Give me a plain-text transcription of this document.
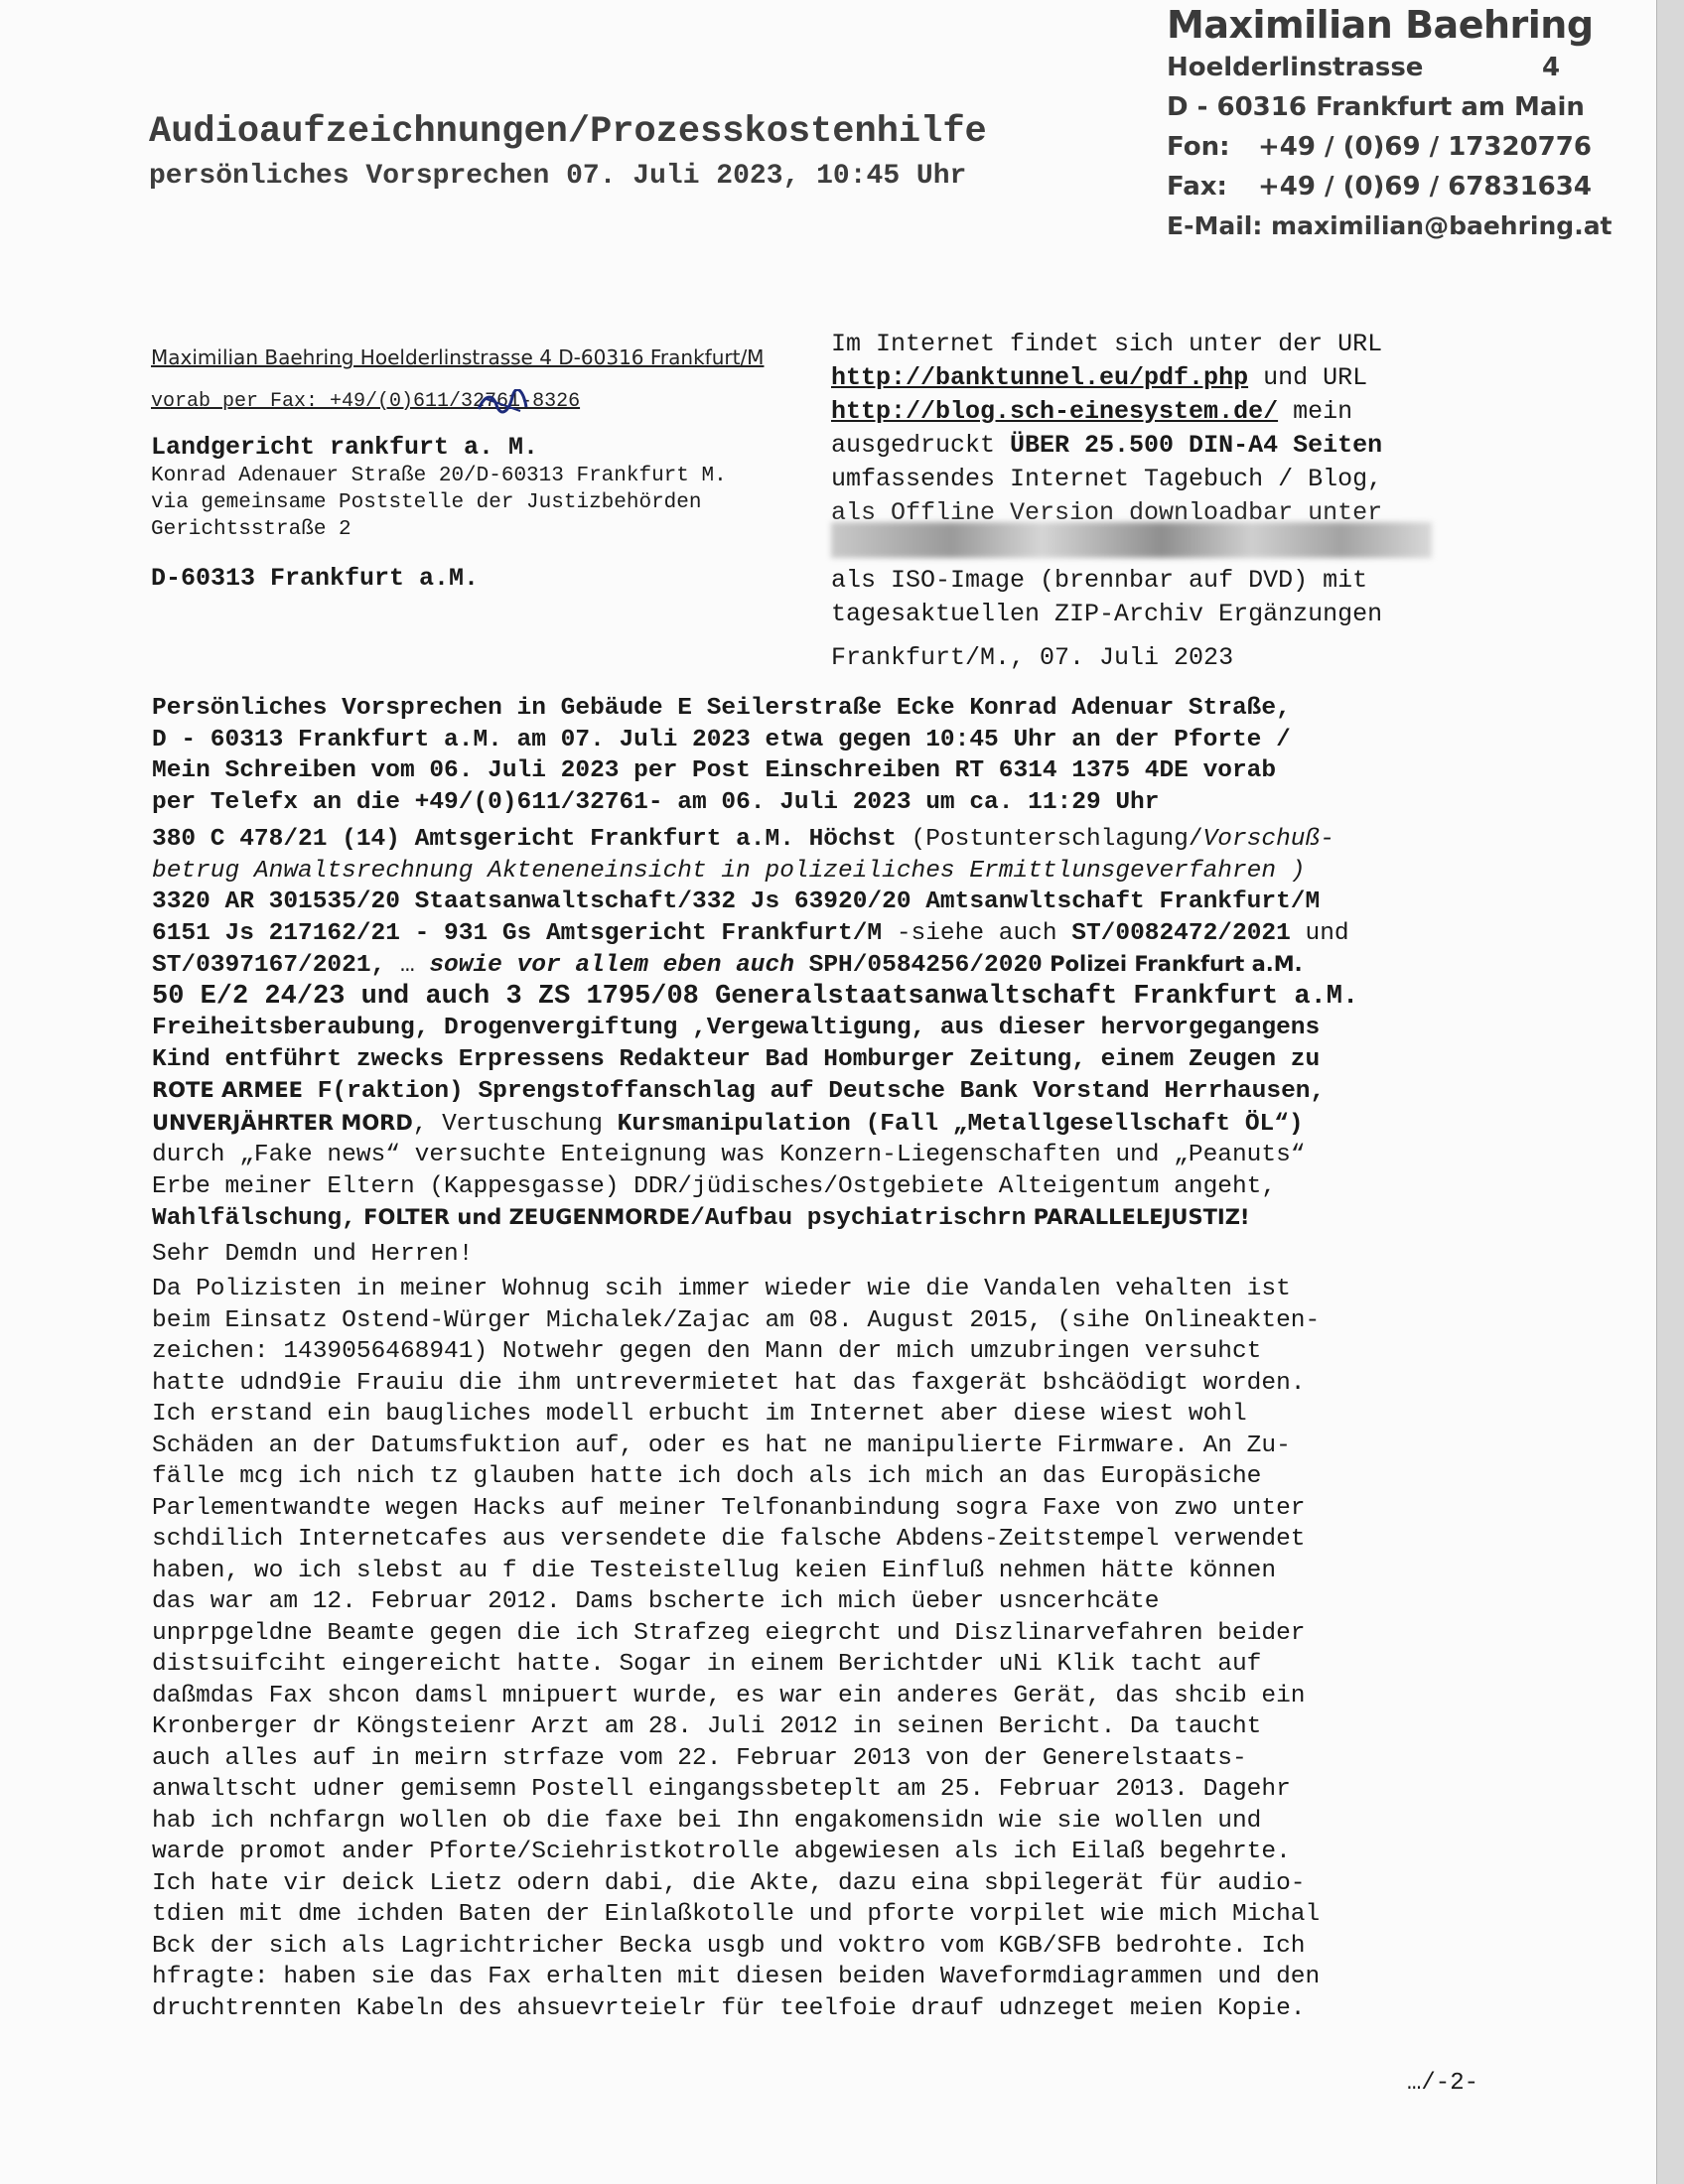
Maximilian Baehring
Hoelderlinstrasse	4
D - 60316 Frankfurt am Main
Fon: +49 / (0)69 / 17320776
Fax: +49 / (0)69 / 67831634
E-Mail: maximilian@baehring.at
Audioaufzeichnungen/Prozesskostenhilfe
persönliches Vorsprechen 07. Juli 2023, 10:45 Uhr
Maximilian Baehring Hoelderlinstrasse 4 D-60316 Frankfurt/M
vorab per Fax: +49/(0)611/32761-8326
Landgericht rankfurt a. M.
Konrad Adenauer Straße 20/D-60313 Frankfurt M.
via gemeinsame Poststelle der Justizbehörden
Gerichtsstraße 2
D-60313 Frankfurt a.M.

Im Internet findet sich unter der URL

http://banktunnel.eu/pdf.php und URL

http://blog.sch-einesystem.de/ mein

ausgedruckt ÜBER 25.500 DIN-A4 Seiten

umfassendes Internet Tagebuch / Blog,

als Offline Version downloadbar unter

als ISO-Image (brennbar auf DVD) mit

tagesaktuellen ZIP-Archiv Ergänzungen

Frankfurt/M., 07. Juli 2023

Persönliches Vorsprechen in Gebäude E Seilerstraße Ecke Konrad Adenuar Straße,

D - 60313 Frankfurt a.M. am 07. Juli 2023 etwa gegen 10:45 Uhr an der Pforte /

Mein Schreiben vom 06. Juli 2023 per Post Einschreiben RT 6314 1375 4DE vorab

per Telefx an die +49/(0)611/32761- am 06. Juli 2023 um ca. 11:29 Uhr

380 C 478/21 (14) Amtsgericht Frankfurt a.M. Höchst (Postunterschlagung/Vorschuß-

betrug Anwaltsrechnung Akteneneinsicht in polizeiliches Ermittlunsgeverfahren )

3320 AR 301535/20 Staatsanwaltschaft/332 Js 63920/20 Amtsanwltschaft Frankfurt/M

6151 Js 217162/21 - 931 Gs Amtsgericht Frankfurt/M -siehe auch ST/0082472/2021 und

ST/0397167/2021, … sowie vor allem eben auch SPH/0584256/2020 Polizei Frankfurt a.M.

50 E/2 24/23 und auch 3 ZS 1795/08 Generalstaatsanwaltschaft Frankfurt a.M.

Freiheitsberaubung, Drogenvergiftung ,Vergewaltigung, aus dieser hervorgegangens

Kind entführt zwecks Erpressens Redakteur Bad Homburger Zeitung, einem Zeugen zu

ROTE ARMEE F(raktion) Sprengstoffanschlag auf Deutsche Bank Vorstand Herrhausen,

UNVERJÄHRTER MORD, Vertuschung Kursmanipulation (Fall „Metallgesellschaft ÖL“)

durch „Fake news“ versuchte Enteignung was Konzern-Liegenschaften und „Peanuts“

Erbe meiner Eltern (Kappesgasse) DDR/jüdisches/Ostgebiete Alteigentum angeht,

Wahlfälschung, FOLTER und ZEUGENMORDE/Aufbau psychiatrischrn PARALLELEJUSTIZ!

Sehr Demdn und Herren!

Da Polizisten in meiner Wohnug scih immer wieder wie die Vandalen vehalten ist

beim Einsatz Ostend-Würger Michalek/Zajac am 08. August 2015, (sihe Onlineakten-

zeichen: 1439056468941) Notwehr gegen den Mann der mich umzubringen versuhct

hatte udnd9ie Frauiu die ihm untrevermietet hat das faxgerät bshcäödigt worden.

Ich erstand ein baugliches modell erbucht im Internet aber diese wiest wohl

Schäden an der Datumsfuktion auf, oder es hat ne manipulierte Firmware. An Zu-

fälle mcg ich nich tz glauben hatte ich doch als ich mich an das Europäsiche

Parlementwandte wegen Hacks auf meiner Telfonanbindung sogra Faxe von zwo unter

schdilich Internetcafes aus versendete die falsche Abdens-Zeitstempel verwendet

haben, wo ich slebst au f die Testeistellug keien Einfluß nehmen hätte können

das war am 12. Februar 2012. Dams bscherte ich mich üeber usncerhcäte

unprpgeldne Beamte gegen die ich Strafzeg eiegrcht und Diszlinarvefahren beider

distsuifciht eingereicht hatte. Sogar in einem Berichtder uNi Klik tacht auf

daßmdas Fax shcon damsl mnipuert wurde, es war ein anderes Gerät, das shcib ein

Kronberger dr Köngsteienr Arzt am 28. Juli 2012 in seinen Bericht. Da taucht

auch alles auf in meirn strfaze vom 22. Februar 2013 von der Generelstaats-

anwaltscht udner gemisemn Postell eingangssbeteplt am 25. Februar 2013. Dagehr

hab ich nchfargn wollen ob die faxe bei Ihn engakomensidn wie sie wollen und

warde promot ander Pforte/Sciehristkotrolle abgewiesen als ich Eilaß begehrte.

Ich hate vir deick Lietz odern dabi, die Akte, dazu eina sbpilegerät für audio-

tdien mit dme ichden Baten der Einlaßkotolle und pforte vorpilet wie mich Michal

Bck der sich als Lagrichtricher Becka usgb und voktro vom KGB/SFB bedrohte. Ich

hfragte: haben sie das Fax erhalten mit diesen beiden Waveformdiagrammen und den

druchtrennten Kabeln des ahsuevrteielr für teelfoie drauf udnzeget meien Kopie.

…/-2-
